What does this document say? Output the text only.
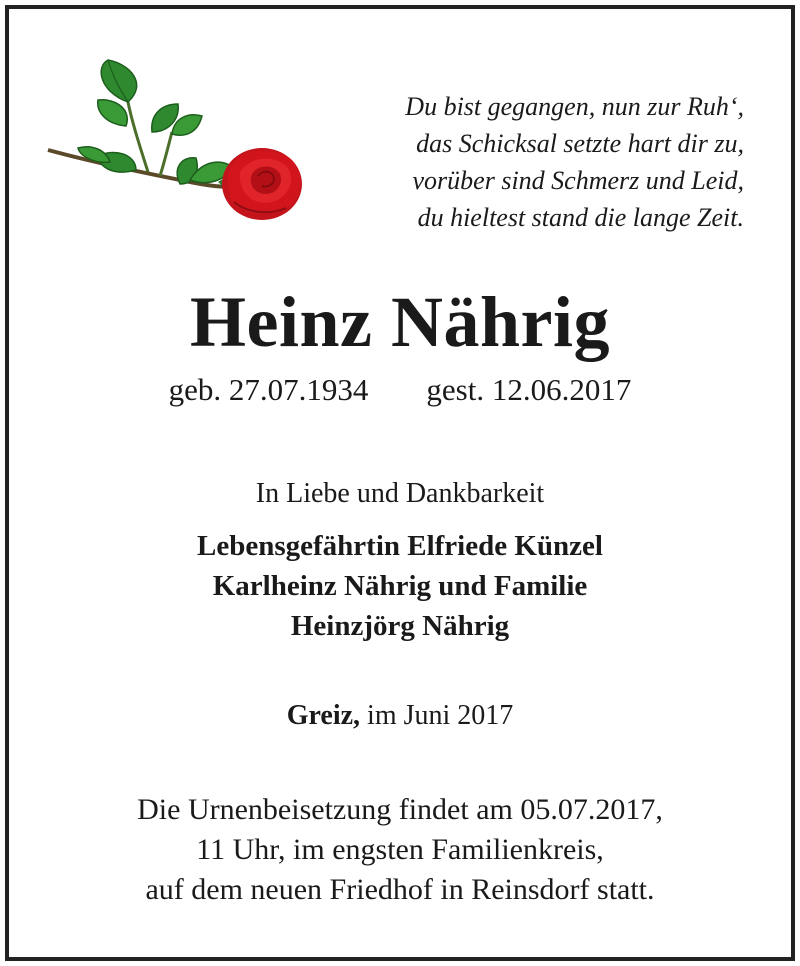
Du bist gegangen, nun zur Ruh‘,
das Schicksal setzte hart dir zu,
vorüber sind Schmerz und Leid,
du hieltest stand die lange Zeit.
Heinz Nährig
geb. 27.07.1934 gest. 12.06.2017
In Liebe und Dankbarkeit
Lebensgefährtin Elfriede Künzel
Karlheinz Nährig und Familie
Heinzjörg Nährig
Greiz, im Juni 2017
Die Urnenbeisetzung findet am 05.07.2017,
11 Uhr, im engsten Familienkreis,
auf dem neuen Friedhof in Reinsdorf statt.
